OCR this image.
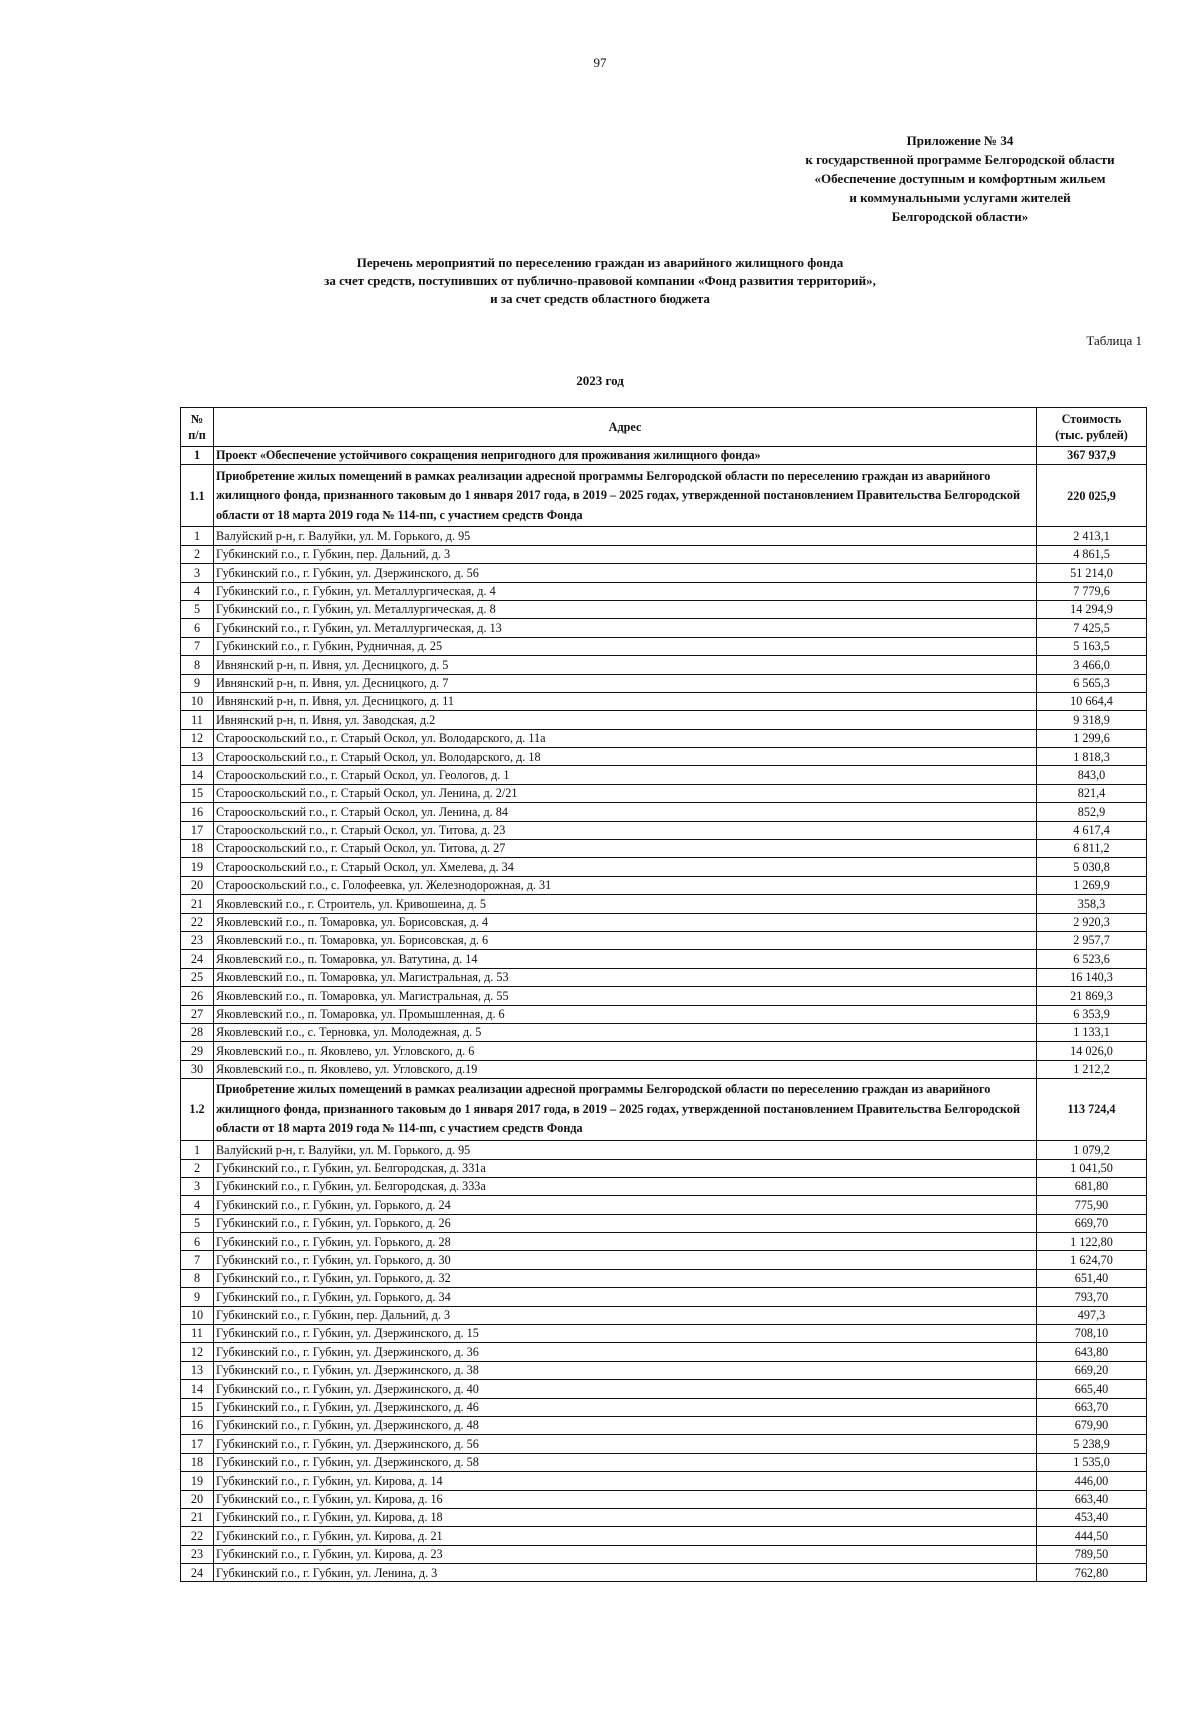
97
Приложение № 34
к государственной программе Белгородской области
«Обеспечение доступным и комфортным жильем
и коммунальными услугами жителей
Белгородской области»
Перечень мероприятий по переселению граждан из аварийного жилищного фонда
за счет средств, поступивших от публично-правовой компании «Фонд развития территорий»,
и за счет средств областного бюджета
Таблица 1
2023 год
№
п/п	Адрес	Стоимость
(тыс. рублей)
1	Проект «Обеспечение устойчивого сокращения непригодного для проживания жилищного фонда»	367 937,9
1.1	Приобретение жилых помещений в рамках реализации адресной программы Белгородской области по переселению граждан из аварийного жилищного фонда, признанного таковым до 1 января 2017 года, в 2019 – 2025 годах, утвержденной постановлением Правительства Белгородской области от 18 марта 2019 года № 114-пп, с участием средств Фонда	220 025,9
1	Валуйский р-н, г. Валуйки, ул. М. Горького, д. 95	2 413,1
2	Губкинский г.о., г. Губкин, пер. Дальний, д. 3	4 861,5
3	Губкинский г.о., г. Губкин, ул. Дзержинского, д. 56	51 214,0
4	Губкинский г.о., г. Губкин, ул. Металлургическая, д. 4	7 779,6
5	Губкинский г.о., г. Губкин, ул. Металлургическая, д. 8	14 294,9
6	Губкинский г.о., г. Губкин, ул. Металлургическая, д. 13	7 425,5
7	Губкинский г.о., г. Губкин, Рудничная, д. 25	5 163,5
8	Ивнянский р-н, п. Ивня, ул. Десницкого, д. 5	3 466,0
9	Ивнянский р-н, п. Ивня, ул. Десницкого, д. 7	6 565,3
10	Ивнянский р-н, п. Ивня, ул. Десницкого, д. 11	10 664,4
11	Ивнянский р-н, п. Ивня, ул. Заводская, д.2	9 318,9
12	Старооскольский г.о., г. Старый Оскол, ул. Володарского, д. 11а	1 299,6
13	Старооскольский г.о., г. Старый Оскол, ул. Володарского, д. 18	1 818,3
14	Старооскольский г.о., г. Старый Оскол, ул. Геологов, д. 1	843,0
15	Старооскольский г.о., г. Старый Оскол, ул. Ленина, д. 2/21	821,4
16	Старооскольский г.о., г. Старый Оскол, ул. Ленина, д. 84	852,9
17	Старооскольский г.о., г. Старый Оскол, ул. Титова, д. 23	4 617,4
18	Старооскольский г.о., г. Старый Оскол, ул. Титова, д. 27	6 811,2
19	Старооскольский г.о., г. Старый Оскол, ул. Хмелева, д. 34	5 030,8
20	Старооскольский г.о., с. Голофеевка, ул. Железнодорожная, д. 31	1 269,9
21	Яковлевский г.о., г. Строитель, ул. Кривошеина, д. 5	358,3
22	Яковлевский г.о., п. Томаровка, ул. Борисовская, д. 4	2 920,3
23	Яковлевский г.о., п. Томаровка, ул. Борисовская, д. 6	2 957,7
24	Яковлевский г.о., п. Томаровка, ул. Ватутина, д. 14	6 523,6
25	Яковлевский г.о., п. Томаровка, ул. Магистральная, д. 53	16 140,3
26	Яковлевский г.о., п. Томаровка, ул. Магистральная, д. 55	21 869,3
27	Яковлевский г.о., п. Томаровка, ул. Промышленная, д. 6	6 353,9
28	Яковлевский г.о., с. Терновка, ул. Молодежная, д. 5	1 133,1
29	Яковлевский г.о., п. Яковлево, ул. Угловского, д. 6	14 026,0
30	Яковлевский г.о., п. Яковлево, ул. Угловского, д.19	1 212,2
1.2	Приобретение жилых помещений в рамках реализации адресной программы Белгородской области по переселению граждан из аварийного жилищного фонда, признанного таковым до 1 января 2017 года, в 2019 – 2025 годах, утвержденной постановлением Правительства Белгородской области от 18 марта 2019 года № 114-пп, с участием средств Фонда	113 724,4
1	Валуйский р-н, г. Валуйки, ул. М. Горького, д. 95	1 079,2
2	Губкинский г.о., г. Губкин, ул. Белгородская, д. 331а	1 041,50
3	Губкинский г.о., г. Губкин, ул. Белгородская, д. 333а	681,80
4	Губкинский г.о., г. Губкин, ул. Горького, д. 24	775,90
5	Губкинский г.о., г. Губкин, ул. Горького, д. 26	669,70
6	Губкинский г.о., г. Губкин, ул. Горького, д. 28	1 122,80
7	Губкинский г.о., г. Губкин, ул. Горького, д. 30	1 624,70
8	Губкинский г.о., г. Губкин, ул. Горького, д. 32	651,40
9	Губкинский г.о., г. Губкин, ул. Горького, д. 34	793,70
10	Губкинский г.о., г. Губкин, пер. Дальний, д. 3	497,3
11	Губкинский г.о., г. Губкин, ул. Дзержинского, д. 15	708,10
12	Губкинский г.о., г. Губкин, ул. Дзержинского, д. 36	643,80
13	Губкинский г.о., г. Губкин, ул. Дзержинского, д. 38	669,20
14	Губкинский г.о., г. Губкин, ул. Дзержинского, д. 40	665,40
15	Губкинский г.о., г. Губкин, ул. Дзержинского, д. 46	663,70
16	Губкинский г.о., г. Губкин, ул. Дзержинского, д. 48	679,90
17	Губкинский г.о., г. Губкин, ул. Дзержинского, д. 56	5 238,9
18	Губкинский г.о., г. Губкин, ул. Дзержинского, д. 58	1 535,0
19	Губкинский г.о., г. Губкин, ул. Кирова, д. 14	446,00
20	Губкинский г.о., г. Губкин, ул. Кирова, д. 16	663,40
21	Губкинский г.о., г. Губкин, ул. Кирова, д. 18	453,40
22	Губкинский г.о., г. Губкин, ул. Кирова, д. 21	444,50
23	Губкинский г.о., г. Губкин, ул. Кирова, д. 23	789,50
24	Губкинский г.о., г. Губкин, ул. Ленина, д. 3	762,80
